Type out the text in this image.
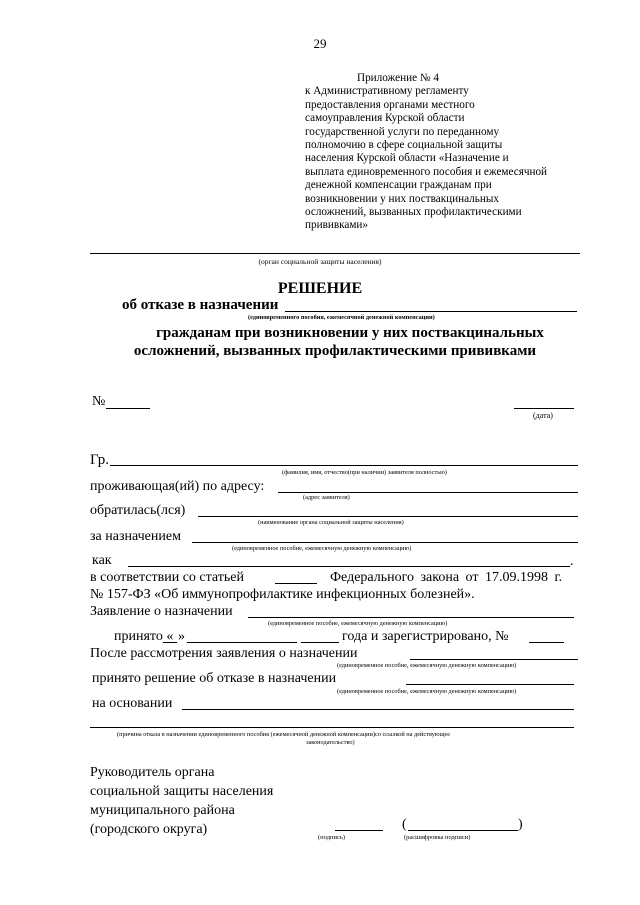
29
Приложение № 4
к Административному регламенту
предоставления органами местного
самоуправления Курской области
государственной услуги по переданному
полномочию в сфере социальной защиты
населения Курской области «Назначение и
выплата единовременного пособия и ежемесячной
денежной компенсации гражданам при
возникновении у них поствакцинальных
осложнений, вызванных профилактическими
прививками»
(орган социальной защиты населения)
РЕШЕНИЕ
об отказе в назначении
(единовременного пособия, ежемесячной денежной компенсации)
гражданам при возникновении у них поствакцинальных
осложнений, вызванных профилактическими прививками
№
(дата)
Гр.
(фамилия, имя, отчество(при наличии) заявителя полностью)
проживающая(ий) по адресу:
(адрес заявителя)
обратилась(лся)
(наименование органа социальной защиты населения)
за назначением
(единовременное пособие, ежемесячную денежную компенсацию)
как	.
в соответствии со статьей	Федерального закона от 17.09.1998 г.
№ 157-ФЗ «Об иммунопрофилактике инфекционных болезней».
Заявление о назначении
(единовременное пособие, ежемесячную денежную компенсацию)
принято « »	года и зарегистрировано, №
После рассмотрения заявления о назначении
(единовременное пособие, ежемесячную денежную компенсацию)
принято решение об отказе в назначении
(единовременное пособие, ежемесячную денежную компенсацию)
на основании
(причина отказа в назначении единовременного пособия (ежемесячной денежной компенсации)со ссылкой на действующее
законодательство)
Руководитель органа
социальной защиты населения
муниципального района
(городского округа)
(подпись)
(	)
(расшифровка подписи)
